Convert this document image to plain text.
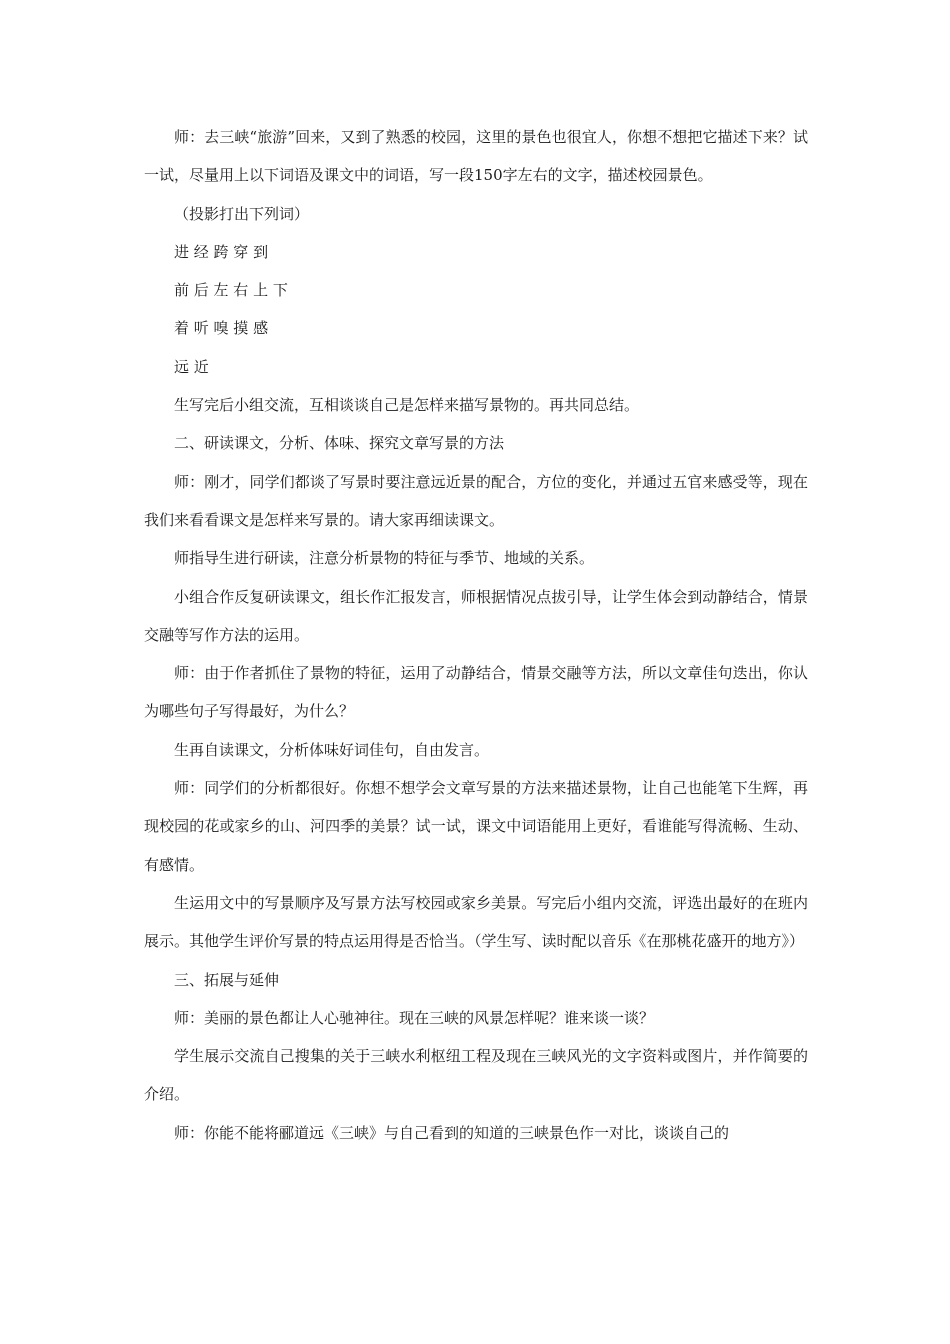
师：去三峡“旅游”回来，又到了熟悉的校园，这里的景色也很宜人，你想不想把它描述下来？试一试，尽量用上以下词语及课文中的词语，写一段150字左右的文字，描述校园景色。

（投影打出下列词）

进 经 跨 穿 到

前 后 左 右 上 下

着 听 嗅 摸 感

远 近

生写完后小组交流，互相谈谈自己是怎样来描写景物的。再共同总结。

二、研读课文，分析、体味、探究文章写景的方法

师：刚才，同学们都谈了写景时要注意远近景的配合，方位的变化，并通过五官来感受等，现在我们来看看课文是怎样来写景的。请大家再细读课文。

师指导生进行研读，注意分析景物的特征与季节、地域的关系。

小组合作反复研读课文，组长作汇报发言，师根据情况点拔引导，让学生体会到动静结合，情景交融等写作方法的运用。

师：由于作者抓住了景物的特征，运用了动静结合，情景交融等方法，所以文章佳句迭出，你认为哪些句子写得最好，为什么？

生再自读课文，分析体味好词佳句，自由发言。

师：同学们的分析都很好。你想不想学会文章写景的方法来描述景物，让自己也能笔下生辉，再现校园的花或家乡的山、河四季的美景？试一试，课文中词语能用上更好，看谁能写得流畅、生动、有感情。

生运用文中的写景顺序及写景方法写校园或家乡美景。写完后小组内交流，评选出最好的在班内展示。其他学生评价写景的特点运用得是否恰当。（学生写、读时配以音乐《在那桃花盛开的地方》）

三、拓展与延伸

师：美丽的景色都让人心驰神往。现在三峡的风景怎样呢？谁来谈一谈？

学生展示交流自己搜集的关于三峡水利枢纽工程及现在三峡风光的文字资料或图片，并作简要的介绍。

师：你能不能将郦道远《三峡》与自己看到的知道的三峡景色作一对比，谈谈自己的
